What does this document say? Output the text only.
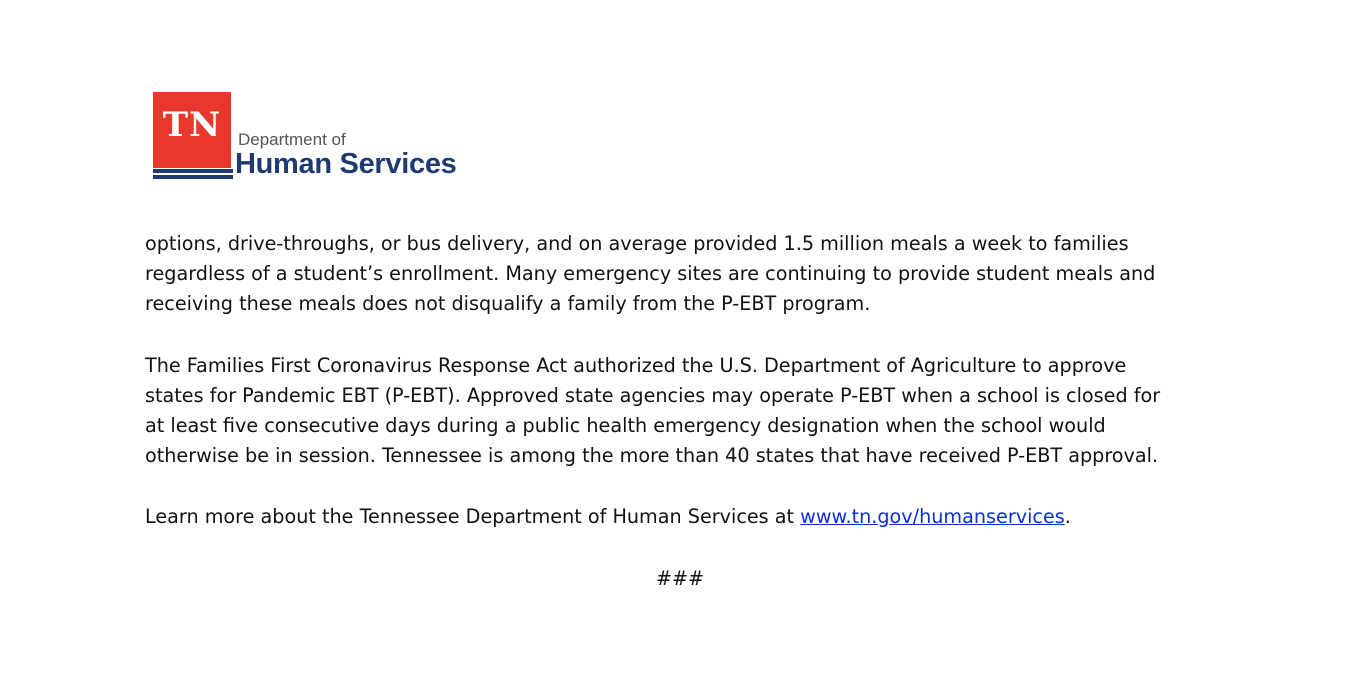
TN Department of
Human Services

options, drive-throughs, or bus delivery, and on average provided 1.5 million meals a week to families regardless of a student’s enrollment. Many emergency sites are continuing to provide student meals and receiving these meals does not disqualify a family from the P-EBT program.

The Families First Coronavirus Response Act authorized the U.S. Department of Agriculture to approve states for Pandemic EBT (P-EBT). Approved state agencies may operate P-EBT when a school is closed for at least five consecutive days during a public health emergency designation when the school would otherwise be in session. Tennessee is among the more than 40 states that have received P-EBT approval.

Learn more about the Tennessee Department of Human Services at www.tn.gov/humanservices.

###
